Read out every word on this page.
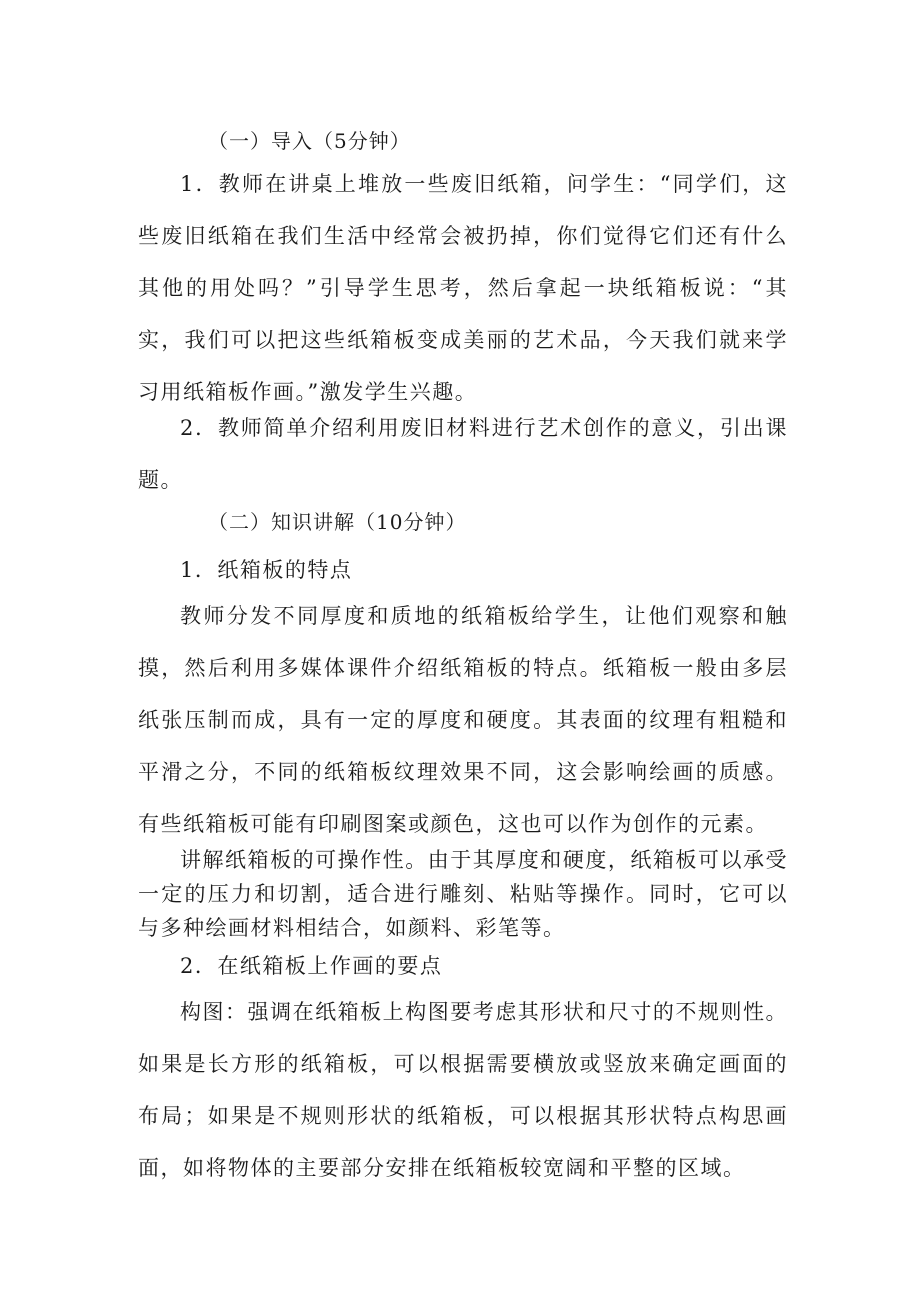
（一）导入（5分钟）

1．教师在讲桌上堆放一些废旧纸箱，问学生：“同学们，这些废旧纸箱在我们生活中经常会被扔掉，你们觉得它们还有什么其他的用处吗？”引导学生思考，然后拿起一块纸箱板说：“其实，我们可以把这些纸箱板变成美丽的艺术品，今天我们就来学习用纸箱板作画。”激发学生兴趣。

2．教师简单介绍利用废旧材料进行艺术创作的意义，引出课题。

（二）知识讲解（10分钟）

1．纸箱板的特点

教师分发不同厚度和质地的纸箱板给学生，让他们观察和触摸，然后利用多媒体课件介绍纸箱板的特点。纸箱板一般由多层纸张压制而成，具有一定的厚度和硬度。其表面的纹理有粗糙和平滑之分，不同的纸箱板纹理效果不同，这会影响绘画的质感。有些纸箱板可能有印刷图案或颜色，这也可以作为创作的元素。

讲解纸箱板的可操作性。由于其厚度和硬度，纸箱板可以承受一定的压力和切割，适合进行雕刻、粘贴等操作。同时，它可以与多种绘画材料相结合，如颜料、彩笔等。

2．在纸箱板上作画的要点

构图：强调在纸箱板上构图要考虑其形状和尺寸的不规则性。如果是长方形的纸箱板，可以根据需要横放或竖放来确定画面的布局；如果是不规则形状的纸箱板，可以根据其形状特点构思画面，如将物体的主要部分安排在纸箱板较宽阔和平整的区域。
